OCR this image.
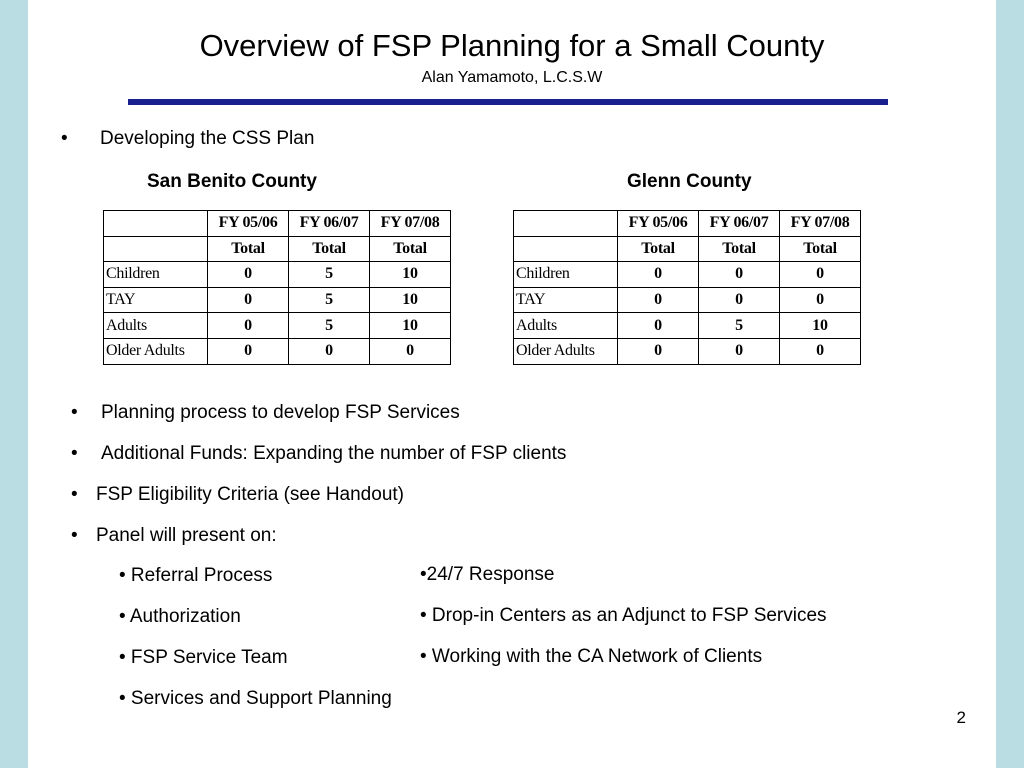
Overview of FSP Planning for a Small County
Alan Yamamoto, L.C.S.W
• Developing the CSS Plan
San Benito County	Glenn County
	FY 05/06	FY 06/07	FY 07/08
	Total	Total	Total
Children	0	5	10
TAY	0	5	10
Adults	0	5	10
Older Adults	0	0	0
	FY 05/06	FY 06/07	FY 07/08
	Total	Total	Total
Children	0	0	0
TAY	0	0	0
Adults	0	5	10
Older Adults	0	0	0
• Planning process to develop FSP Services
• Additional Funds: Expanding the number of FSP clients
• FSP Eligibility Criteria (see Handout)
• Panel will present on:
• Referral Process
• Authorization
• FSP Service Team
• Services and Support Planning
•24/7 Response
• Drop-in Centers as an Adjunct to FSP Services
• Working with the CA Network of Clients
2
